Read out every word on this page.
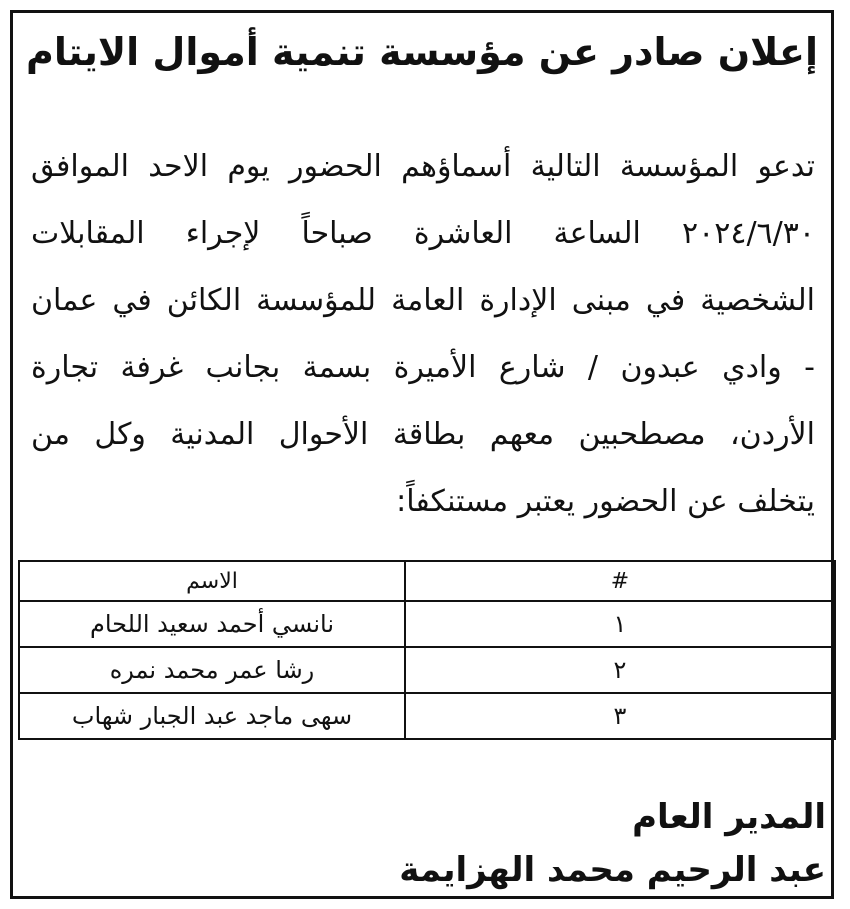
إعلان صادر عن مؤسسة تنمية أموال الايتام
تدعو المؤسسة التالية أسماؤهم الحضور يوم الاحد الموافق
٢٠٢٤/٦/٣٠ الساعة العاشرة صباحاً لإجراء المقابلات
الشخصية في مبنى الإدارة العامة للمؤسسة الكائن في عمان
- وادي عبدون / شارع الأميرة بسمة بجانب غرفة تجارة
الأردن، مصطحبين معهم بطاقة الأحوال المدنية وكل من
يتخلف عن الحضور يعتبر مستنكفاً:
#	الاسم
١	نانسي أحمد سعيد اللحام
٢	رشا عمر محمد نمره
٣	سهى ماجد عبد الجبار شهاب
المدير العام
عبد الرحيم محمد الهزايمة
